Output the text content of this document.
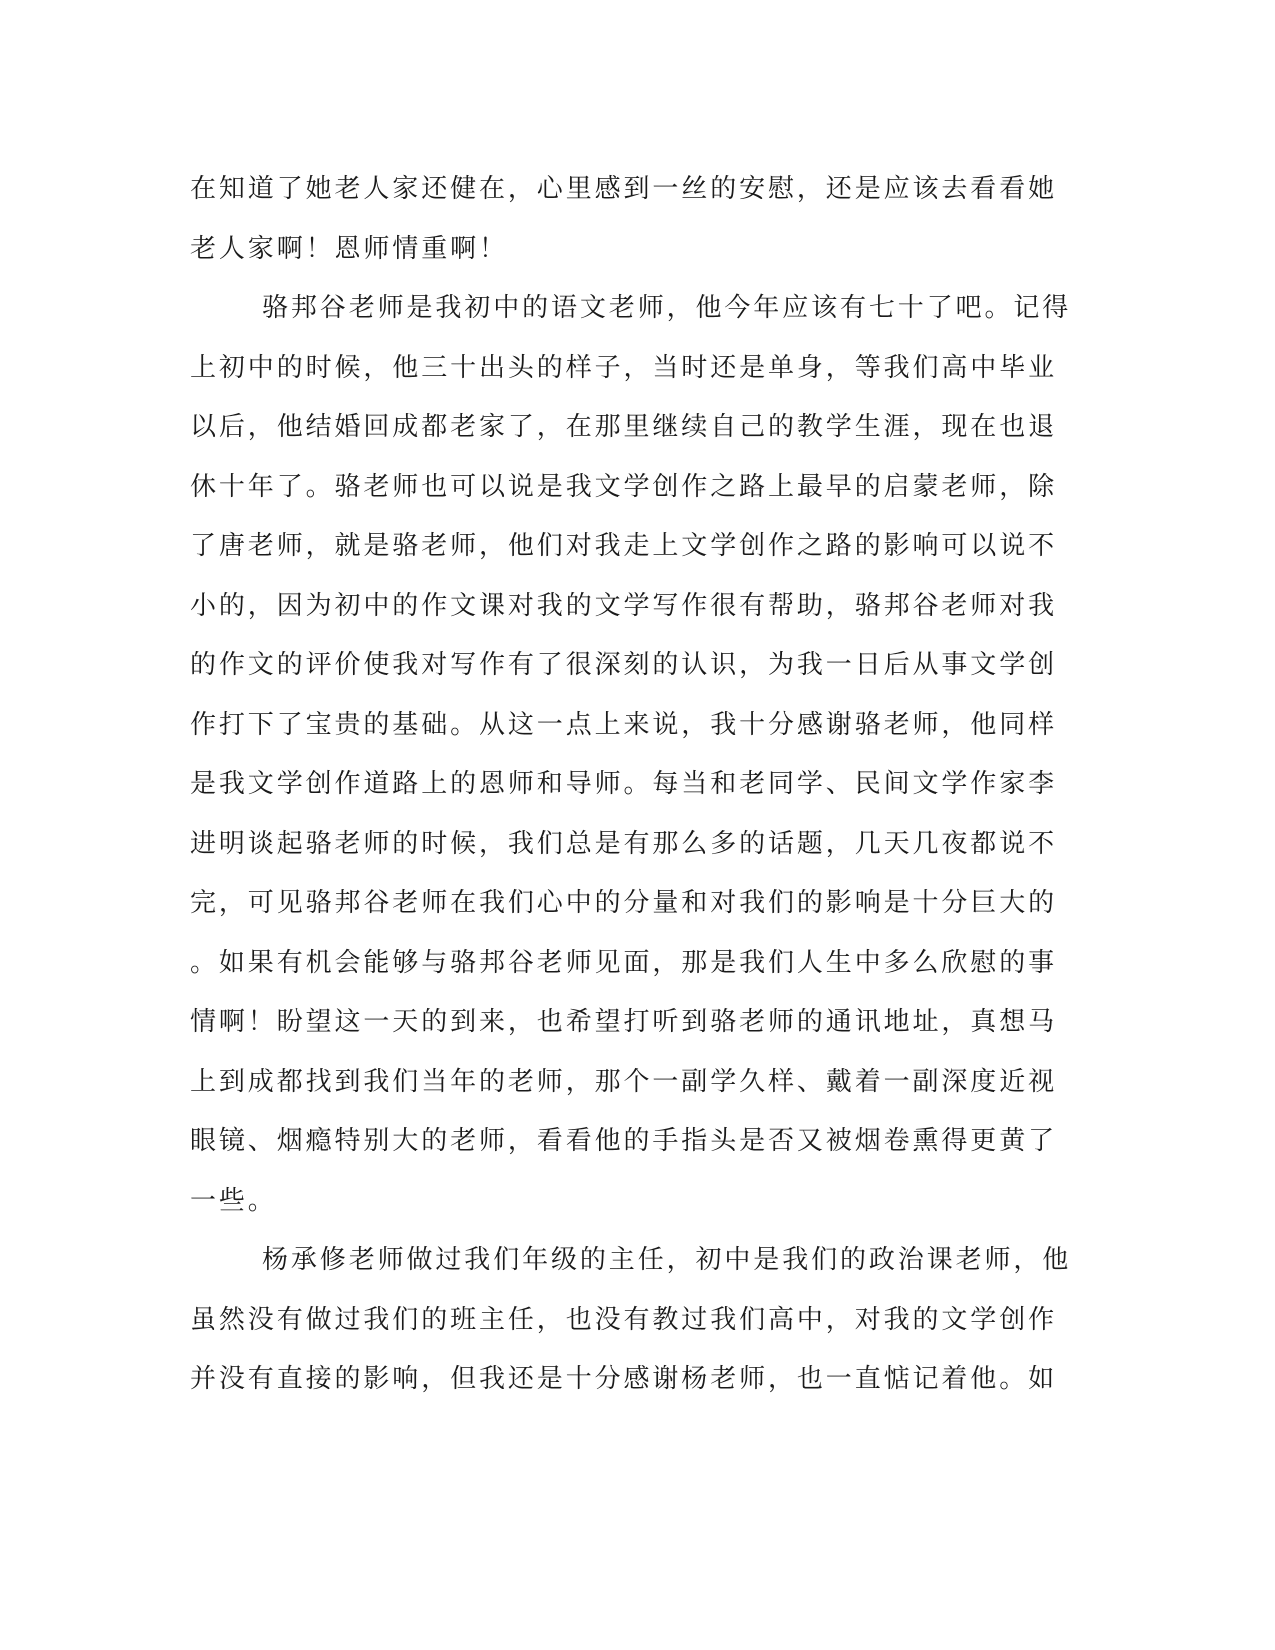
在知道了她老人家还健在，心里感到一丝的安慰，还是应该去看看她
老人家啊！恩师情重啊！
骆邦谷老师是我初中的语文老师，他今年应该有七十了吧。记得
上初中的时候，他三十出头的样子，当时还是单身，等我们高中毕业
以后，他结婚回成都老家了，在那里继续自己的教学生涯，现在也退
休十年了。骆老师也可以说是我文学创作之路上最早的启蒙老师，除
了唐老师，就是骆老师，他们对我走上文学创作之路的影响可以说不
小的，因为初中的作文课对我的文学写作很有帮助，骆邦谷老师对我
的作文的评价使我对写作有了很深刻的认识，为我一日后从事文学创
作打下了宝贵的基础。从这一点上来说，我十分感谢骆老师，他同样
是我文学创作道路上的恩师和导师。每当和老同学、民间文学作家李
进明谈起骆老师的时候，我们总是有那么多的话题，几天几夜都说不
完，可见骆邦谷老师在我们心中的分量和对我们的影响是十分巨大的
。如果有机会能够与骆邦谷老师见面，那是我们人生中多么欣慰的事
情啊！盼望这一天的到来，也希望打听到骆老师的通讯地址，真想马
上到成都找到我们当年的老师，那个一副学久样、戴着一副深度近视
眼镜、烟瘾特别大的老师，看看他的手指头是否又被烟卷熏得更黄了
一些。
杨承修老师做过我们年级的主任，初中是我们的政治课老师，他
虽然没有做过我们的班主任，也没有教过我们高中，对我的文学创作
并没有直接的影响，但我还是十分感谢杨老师，也一直惦记着他。如
